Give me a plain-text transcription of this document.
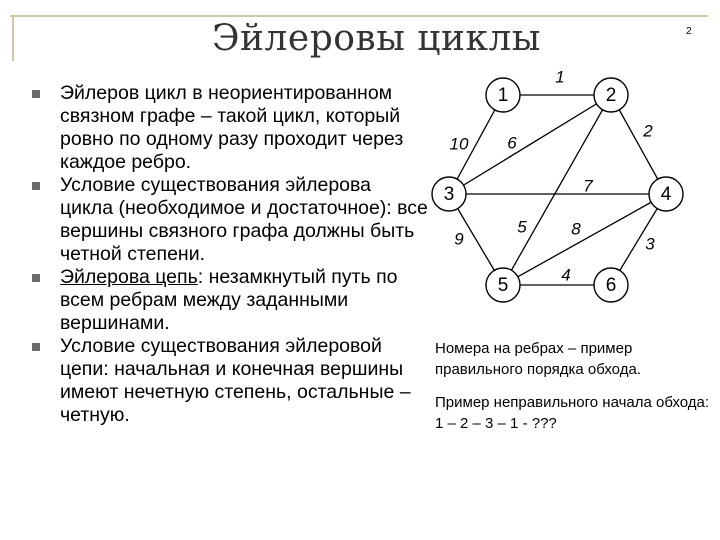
2
Эйлеровы циклы
Эйлеров цикл в неориентированном связном графе – такой цикл, который ровно по одному разу проходит через каждое ребро.
Условие существования эйлерова цикла (необходимое и достаточное): все вершины связного графа должны быть четной степени.
Эйлерова цепь: незамкнутый путь по всем ребрам между заданными вершинами.
Условие существования эйлеровой цепи: начальная и конечная вершины имеют нечетную степень, остальные – четную.
1	2
3	4
5	6
1
2
3
4
5
6
7
8
9
10
Номера на ребрах – пример правильного порядка обхода.
Пример неправильного начала обхода: 1 – 2 – 3 – 1 - ???
